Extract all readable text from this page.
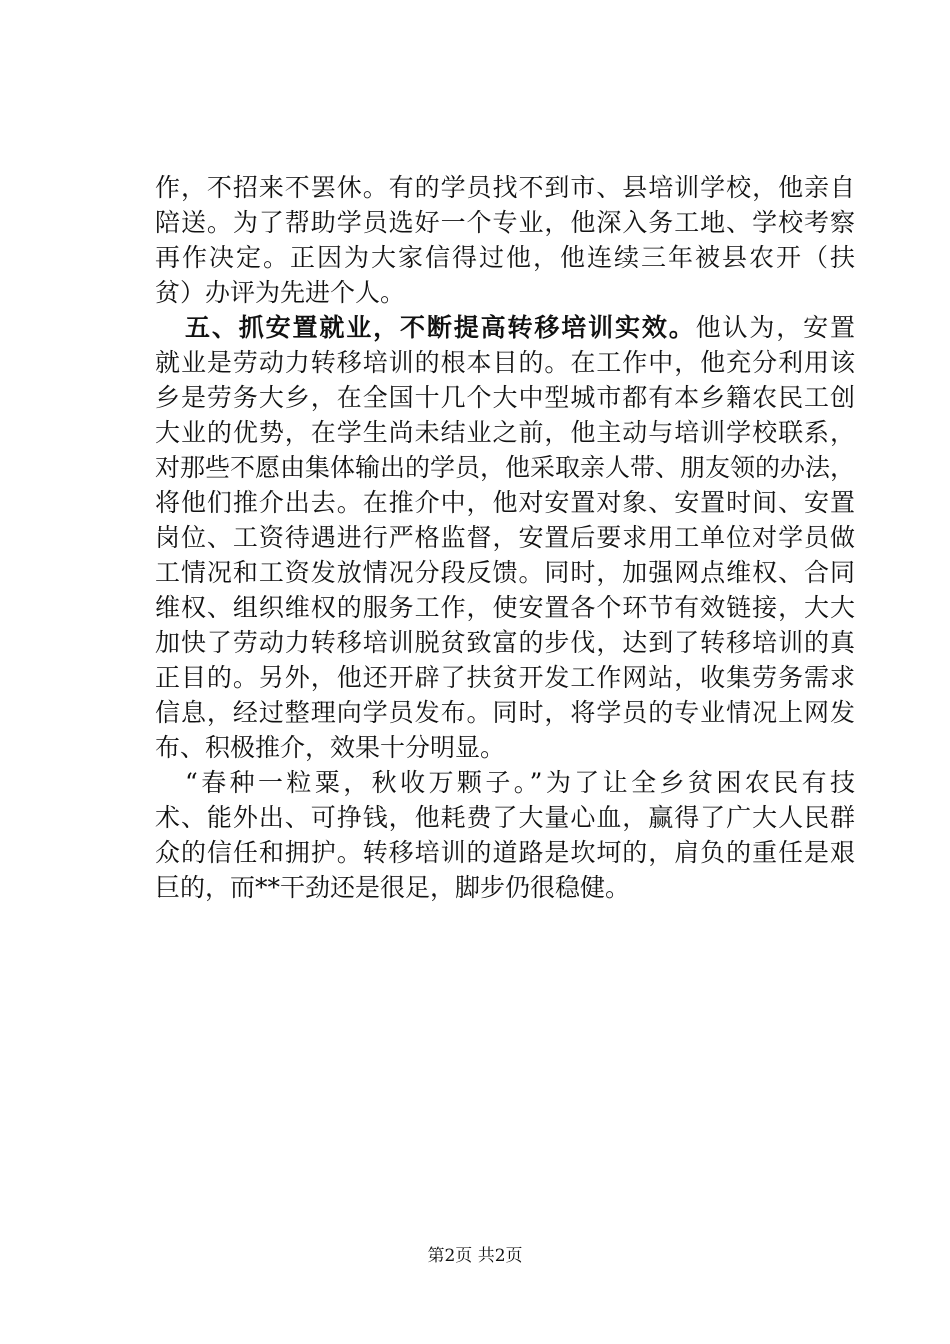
作，不招来不罢休。有的学员找不到市、县培训学校，他亲自
陪送。为了帮助学员选好一个专业，他深入务工地、学校考察
再作决定。正因为大家信得过他，他连续三年被县农开（扶
贫）办评为先进个人。
五、抓安置就业，不断提高转移培训实效。他认为，安置
就业是劳动力转移培训的根本目的。在工作中，他充分利用该
乡是劳务大乡，在全国十几个大中型城市都有本乡籍农民工创
大业的优势，在学生尚未结业之前，他主动与培训学校联系，
对那些不愿由集体输出的学员，他采取亲人带、朋友领的办法，
将他们推介出去。在推介中，他对安置对象、安置时间、安置
岗位、工资待遇进行严格监督，安置后要求用工单位对学员做
工情况和工资发放情况分段反馈。同时，加强网点维权、合同
维权、组织维权的服务工作，使安置各个环节有效链接，大大
加快了劳动力转移培训脱贫致富的步伐，达到了转移培训的真
正目的。另外，他还开辟了扶贫开发工作网站，收集劳务需求
信息，经过整理向学员发布。同时，将学员的专业情况上网发
布、积极推介，效果十分明显。
“春种一粒粟，秋收万颗子。”为了让全乡贫困农民有技
术、能外出、可挣钱，他耗费了大量心血，赢得了广大人民群
众的信任和拥护。转移培训的道路是坎坷的，肩负的重任是艰
巨的，而**干劲还是很足，脚步仍很稳健。
第2页 共2页
